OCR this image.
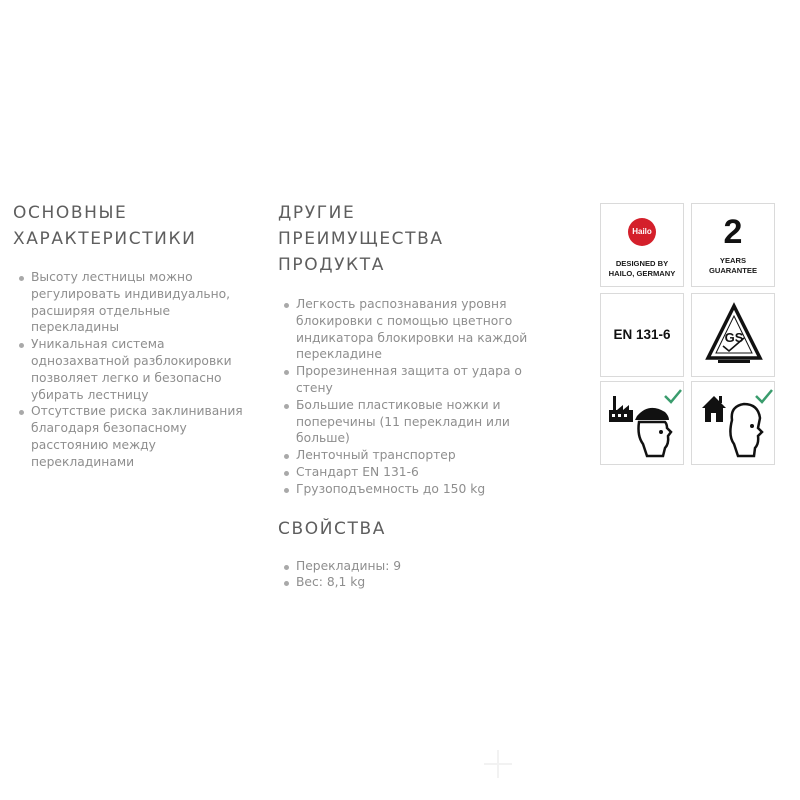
ОСНОВНЫЕ
ХАРАКТЕРИСТИКИ
Высоту лестницы можно регулировать индивидуально, расширяя отдельные перекладины
Уникальная система однозахватной разблокировки позволяет легко и безопасно убирать лестницу
Отсутствие риска заклинивания благодаря безопасному расстоянию между перекладинами
ДРУГИЕ
ПРЕИМУЩЕСТВА
ПРОДУКТА
Легкость распознавания уровня блокировки с помощью цветного индикатора блокировки на каждой перекладине
Прорезиненная защита от удара о стену
Большие пластиковые ножки и поперечины (11 перекладин или больше)
Ленточный транспортер
Стандарт EN 131-6
Грузоподъемность до 150 kg
СВОЙСТВА
Перекладины: 9
Вес: 8,1 kg
Hailo
DESIGNED BY
HAILO, GERMANY
2
YEARS
GUARANTEE
EN 131-6	GS
